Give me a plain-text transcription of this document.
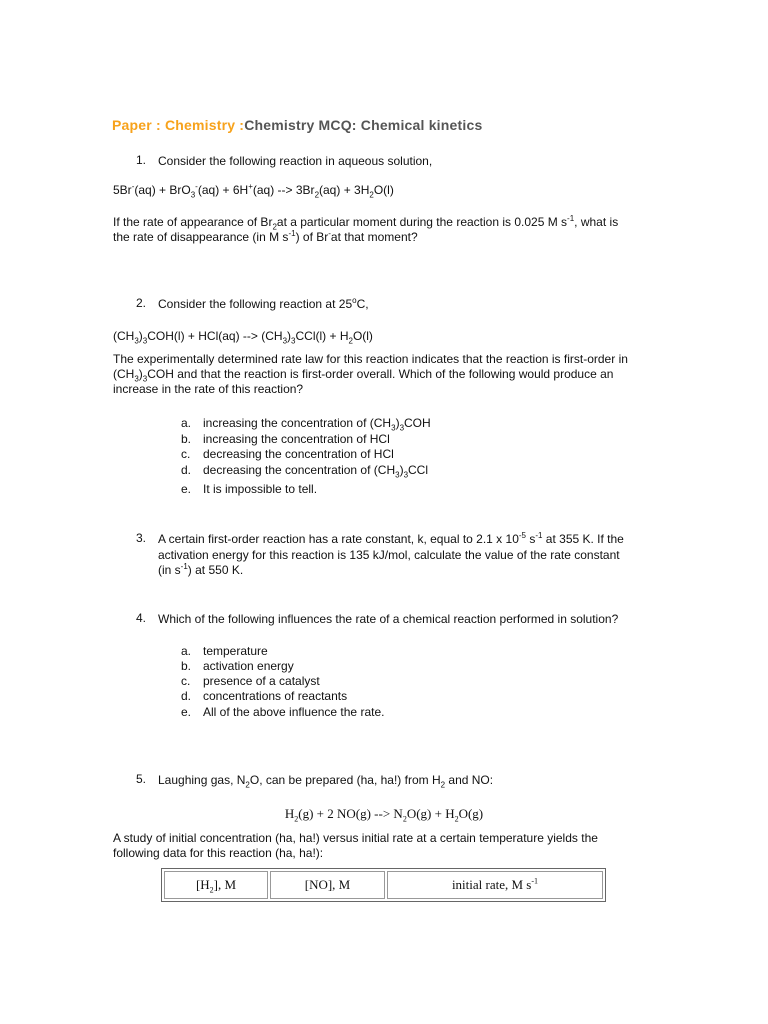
Paper : Chemistry :Chemistry MCQ: Chemical kinetics
1. Consider the following reaction in aqueous solution,
5Br-(aq) + BrO$_3$-(aq) + 6H+(aq) --> $3Br_2(aq) + 3H_2O(l)$
If the rate of appearance of $Br_2at$ a particular moment during the reaction is 0.025 M $s^{-1}$, what is
the rate of disappearance (in M $s^{-1}$) of Br-at that moment?
2. Consider the following reaction at 25$^o$C,
$(CH_3)_3COH(l) + HCl(aq)$ --> $(CH_3)_3CCl(l) + H_2O(l)$
The experimentally determined rate law for this reaction indicates that the reaction is first-order in
$(CH_3)_3COH$ and that the reaction is first-order overall. Which of the following would produce an
increase in the rate of this reaction?
a. increasing the concentration of $(CH_3)_3COH$
b. increasing the concentration of HCl
c. decreasing the concentration of HCl
d. decreasing the concentration of $(CH_3)_3CCl$
e. It is impossible to tell.
3. A certain first-order reaction has a rate constant, k, equal to 2.1 x $10^{-5}$ $s^{-1}$ at 355 K. If the
activation energy for this reaction is 135 kJ/mol, calculate the value of the rate constant
(in $s^{-1}$) at 550 K.
4. Which of the following influences the rate of a chemical reaction performed in solution?
a. temperature
b. activation energy
c. presence of a catalyst
d. concentrations of reactants
e. All of the above influence the rate.
5. Laughing gas, $N_2O$, can be prepared (ha, ha!) from $H_2$ and NO:
$H_2(g) + 2$ NO(g) --> $N_2O(g) + H_2O(g)$
A study of initial concentration (ha, ha!) versus initial rate at a certain temperature yields the
following data for this reaction (ha, ha!):
$[H_2]$, M	[NO], M	initial rate, M $s^{-1}$
